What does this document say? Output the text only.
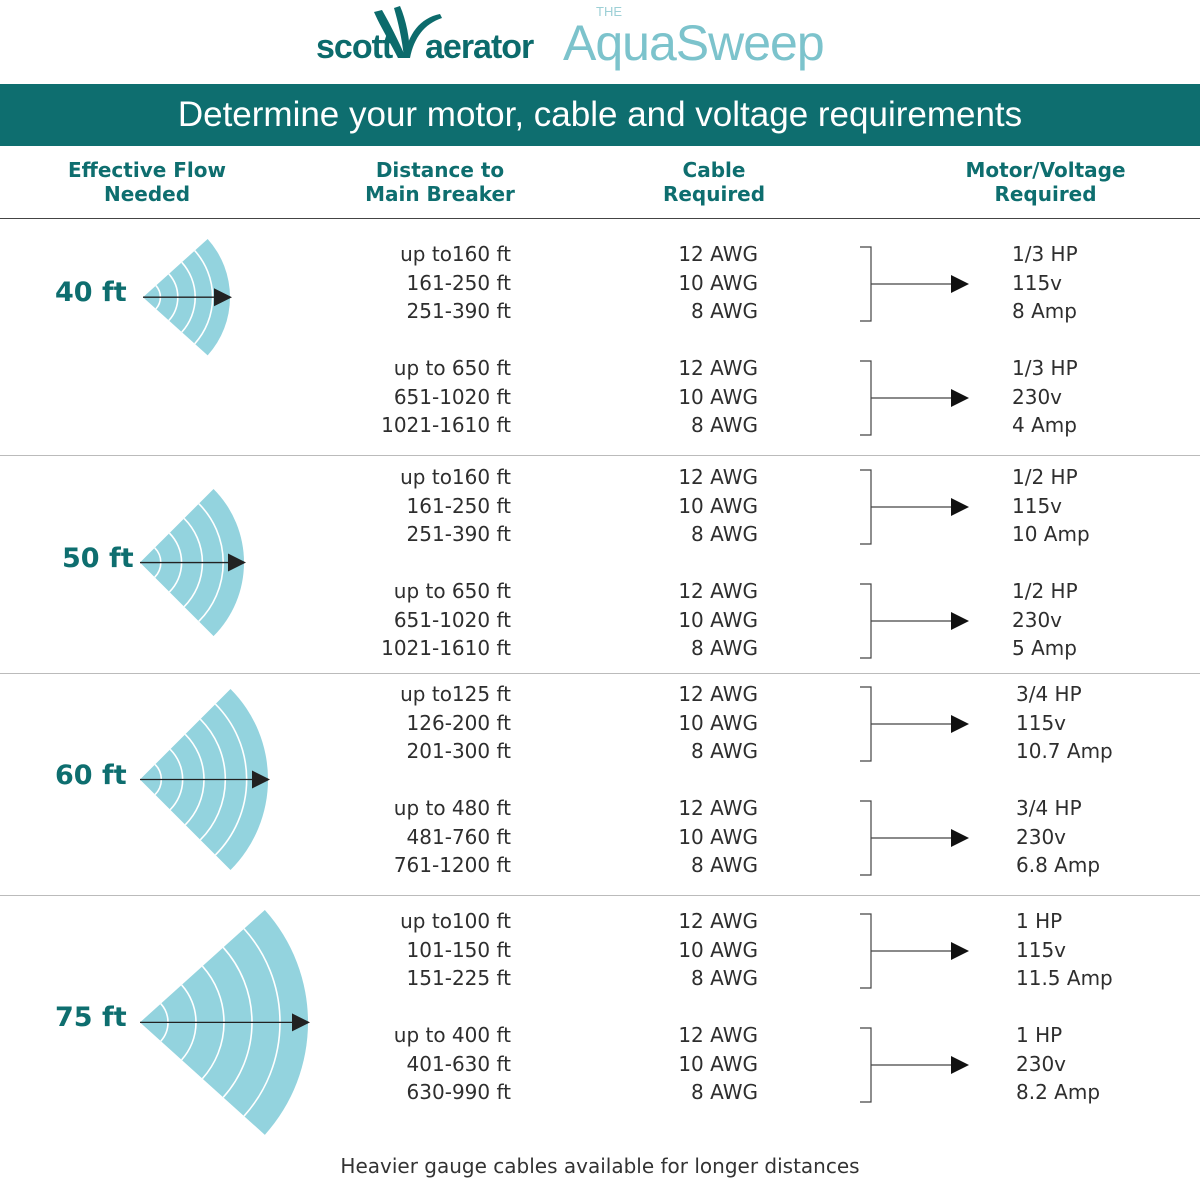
scott aerator
THE
AquaSweep
Determine your motor, cable and voltage requirements
Effective Flow
Needed
Distance to
Main Breaker
Cable
Required
Motor/Voltage
Required
40 ft
up to160 ft
161-250 ft
251-390 ft
12 AWG
10 AWG
8 AWG
1/3 HP
115v
8 Amp
up to 650 ft
651-1020 ft
1021-1610 ft
12 AWG
10 AWG
8 AWG
1/3 HP
230v
4 Amp
50 ft
up to160 ft
161-250 ft
251-390 ft
12 AWG
10 AWG
8 AWG
1/2 HP
115v
10 Amp
up to 650 ft
651-1020 ft
1021-1610 ft
12 AWG
10 AWG
8 AWG
1/2 HP
230v
5 Amp
60 ft
up to125 ft
126-200 ft
201-300 ft
12 AWG
10 AWG
8 AWG
3/4 HP
115v
10.7 Amp
up to 480 ft
481-760 ft
761-1200 ft
12 AWG
10 AWG
8 AWG
3/4 HP
230v
6.8 Amp
75 ft
up to100 ft
101-150 ft
151-225 ft
12 AWG
10 AWG
8 AWG
1 HP
115v
11.5 Amp
up to 400 ft
401-630 ft
630-990 ft
12 AWG
10 AWG
8 AWG
1 HP
230v
8.2 Amp
Heavier gauge cables available for longer distances
